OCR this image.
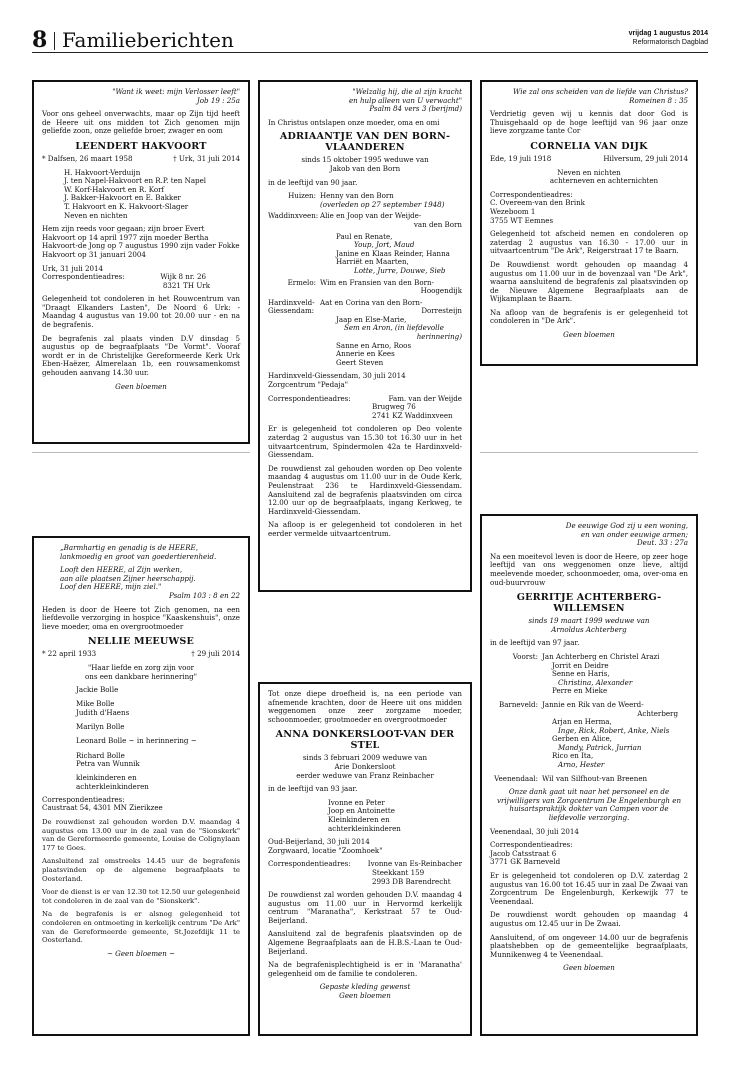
8 Familieberichten	vrijdag 1 augustus 2014
Reformatorisch Dagblad
"Want ik weet: mijn Verlosser leeft"

Job 19 : 25a

Voor ons geheel onverwachts, maar op Zijn tijd heeft de Heere uit ons midden tot Zich genomen mijn geliefde zoon, onze geliefde broer, zwager en oom

LEENDERT HAKVOORT

* Dalfsen, 26 maart 1958	† Urk, 31 juli 2014

H. Hakvoort-Verduijn
J. ten Napel-Hakvoort en R.P. ten Napel
W. Korf-Hakvoort en R. Korf
J. Bakker-Hakvoort en E. Bakker
T. Hakvoort en K. Hakvoort-Slager
Neven en nichten

Hem zijn reeds voor gegaan; zijn broer Evert Hakvoort op 14 april 1977 zijn moeder Bertha Hakvoort-de Jong op 7 augustus 1990 zijn vader Fokke Hakvoort op 31 januari 2004

Urk, 31 juli 2014
Correspondentieadres:	Wijk 8 nr. 26

8321 TH Urk

Gelegenheid tot condoleren in het Rouwcentrum van "Draagt Elkanders Lasten", De Noord 6 Urk: - Maandag 4 augustus van 19.00 tot 20.00 uur - en na de begrafenis.

De begrafenis zal plaats vinden D.V dinsdag 5 augustus op de begraafplaats "De Vormt". Vooraf wordt er in de Christelijke Gereformeerde Kerk Urk Eben-Haëzer, Almerelaan 1b, een rouwsamenkomst gehouden aanvang 14.30 uur.

Geen bloemen
"Welzalig hij, die al zijn kracht
en hulp alleen van U verwacht"

Psalm 84 vers 3 (berijmd)

In Christus ontslapen onze moeder, oma en omi
ADRIAANTJE VAN DEN BORN-VLAANDEREN
sinds 15 oktober 1995 weduwe van

Jakob van den Born

in de leeftijd van 90 jaar.

Huizen: Henny van den Born
(overleden op 27 september 1948)
Waddinxveen: Alie en Joop van der Weijde-
van den Born
Paul en Renate,
Youp, Jort, Maud
Janine en Klaas Reinder, Hanna
Harriët en Maarten,
Lotte, Jurre, Douwe, Sieb
Ermelo: Wim en Fransien van den Born-
Hoogendijk
Hardinxveld-Giessendam:
Aat en Corina van den Born-
Dorresteijn
Jaap en Else-Marie,
Sem en Aron, (in liefdevolle
herinnering)
Sanne en Arno, Roos
Annerie en Kees
Geert Steven
Hardinxveld-Giessendam, 30 juli 2014

Zorgcentrum "Pedaja"

Correspondentieadres:	Fam. van der Weijde
Brugweg 76

2741 KZ Waddinxveen

Er is gelegenheid tot condoleren op Deo volente zaterdag 2 augustus van 15.30 tot 16.30 uur in het uitvaartcentrum, Spindermolen 42a te Hardinxveld-Giessendam.

De rouwdienst zal gehouden worden op Deo volente maandag 4 augustus om 11.00 uur in de Oude Kerk, Peulenstraat 236 te Hardinxveld-Giessendam. Aansluitend zal de begrafenis plaatsvinden om circa 12.00 uur op de begraafplaats, ingang Kerkweg, te Hardinxveld-Giessendam.

Na afloop is er gelegenheid tot condoleren in het eerder vermelde uitvaartcentrum.

Wie zal ons scheiden van de liefde van Christus?

Romeinen 8 : 35

Verdrietig geven wij u kennis dat door God is Thuisgehaald op de hoge leeftijd van 96 jaar onze lieve zorgzame tante Cor

CORNELIA VAN DIJK

Ede, 19 juli 1918	Hilversum, 29 juli 2014

Neven en nichten

achterneven en achternichten

Correspondentieadres:
C. Overeem-van den Brink
Wezeboom 1

3755 WT Eemnes

Gelegenheid tot afscheid nemen en condoleren op zaterdag 2 augustus van 16.30 - 17.00 uur in uitvaartcentrum "De Ark", Reigerstraat 17 te Baarn.

De Rouwdienst wordt gehouden op maandag 4 augustus om 11.00 uur in de bovenzaal van "De Ark", waarna aansluitend de begrafenis zal plaatsvinden op de Nieuwe Algemene Begraafplaats aan de Wijkamplaan te Baarn.

Na afloop van de begrafenis is er gelegenheid tot condoleren in "De Ark".

Geen bloemen
„Barmhartig en genadig is de HEERE,

lankmoedig en groot van goedertierenheid.

Looft den HEERE, al Zijn werken,
aan alle plaatsen Zijner heerschappij.
Loof den HEERE, mijn ziel."

Psalm 103 : 8 en 22

Heden is door de Heere tot Zich genomen, na een liefdevolle verzorging in hospice "Kaaskenshuis", onze lieve moeder, oma en overgrootmoeder

NELLIE MEEUWSE

* 22 april 1933	† 29 juli 2014

"Haar liefde en zorg zijn voor

ons een dankbare herinnering"

Jackie Bolle
Mike Bolle
Judith d'Haens
Marilyn Bolle
Leonard Bolle ~ in herinnering ~
Richard Bolle
Petra van Wunnik
kleinkinderen en
achterkleinkinderen

Correspondentieadres:

Caustraat 54, 4301 MN Zierikzee

De rouwdienst zal gehouden worden D.V. maandag 4 augustus om 13.00 uur in de zaal van de "Sionskerk" van de Gereformeerde gemeente, Louise de Colignylaan 177 te Goes.

Aansluitend zal omstreeks 14.45 uur de begrafenis plaatsvinden op de algemene begraafplaats te Oosterland.

Voor de dienst is er van 12.30 tot 12.50 uur gelegenheid tot condoleren in de zaal van de "Sionskerk".

Na de begrafenis is er alsnog gelegenheid tot condoleren en ontmoeting in kerkelijk centrum "De Ark" van de Gereformeerde gemeente, St.Jozefdijk 11 te Oosterland.

~ Geen bloemen ~

Tot onze diepe droefheid is, na een periode van afnemende krachten, door de Heere uit ons midden weggenomen onze zeer zorgzame moeder, schoonmoeder, grootmoeder en overgrootmoeder

ANNA DONKERSLOOT-VAN DER STEL
sinds 3 februari 2009 weduwe van
Arie Donkersloot

eerder weduwe van Franz Reinbacher

in de leeftijd van 93 jaar.

Ivonne en Peter
Joop en Antoinette
Kleinkinderen en
achterkleinkinderen

Oud-Beijerland, 30 juli 2014

Zorgwaard, locatie "Zoomhoek"

Correspondentieadres: Ivonne van Es-Reinbacher
Steekkant 159

2993 DB Barendrecht

De rouwdienst zal worden gehouden D.V. maandag 4 augustus om 11.00 uur in Hervormd kerkelijk centrum "Maranatha", Kerkstraat 57 te Oud-Beijerland.

Aansluitend zal de begrafenis plaatsvinden op de Algemene Begraafplaats aan de H.B.S.-Laan te Oud-Beijerland.

Na de begrafenisplechtigheid is er in 'Maranatha' gelegenheid om de familie te condoleren.

Gepaste kleding gewenst
Geen bloemen
De eeuwige God zij u een woning,
en van onder eeuwige armen;

Deut. 33 : 27a

Na een moeitevol leven is door de Heere, op zeer hoge leeftijd van ons weggenomen onze lieve, altijd meelevende moeder, schoonmoeder, oma, over-oma en oud-buurvrouw

GERRITJE ACHTERBERG-WILLEMSEN
sinds 19 maart 1999 weduwe van

Arnoldus Achterberg

in de leeftijd van 97 jaar.

Voorst: Jan Achterberg en Christel Arazi
Jorrit en Deidre
Senne en Haris,
Christina, Alexander
Perre en Mieke
Barneveld: Jannie en Rik van de Weerd-
Achterberg
Arjan en Herma,
Inge, Rick, Robert, Anke, Niels
Gerben en Alice,
Mandy, Patrick, Jurrian
Rico en Ita,
Arno, Hester
Veenendaal: Wil van Silfhout-van Breenen

Onze dank gaat uit naar het personeel en de vrijwilligers van Zorgcentrum De Engelenburgh en huisartspraktijk dokter van Campen voor de liefdevolle verzorging.

Veenendaal, 30 juli 2014

Correspondentieadres:
Jacob Catsstraat 6

3771 GK Barneveld

Er is gelegenheid tot condoleren op D.V. zaterdag 2 augustus van 16.00 tot 16.45 uur in zaal De Zwaai van Zorgcentrum De Engelenburgh, Kerkewijk 77 te Veenendaal.

De rouwdienst wordt gehouden op maandag 4 augustus om 12.45 uur in De Zwaai.

Aansluitend, of om ongeveer 14.00 uur de begrafenis plaatshebben op de gemeentelijke begraafplaats, Munnikenweg 4 te Veenendaal.

Geen bloemen
